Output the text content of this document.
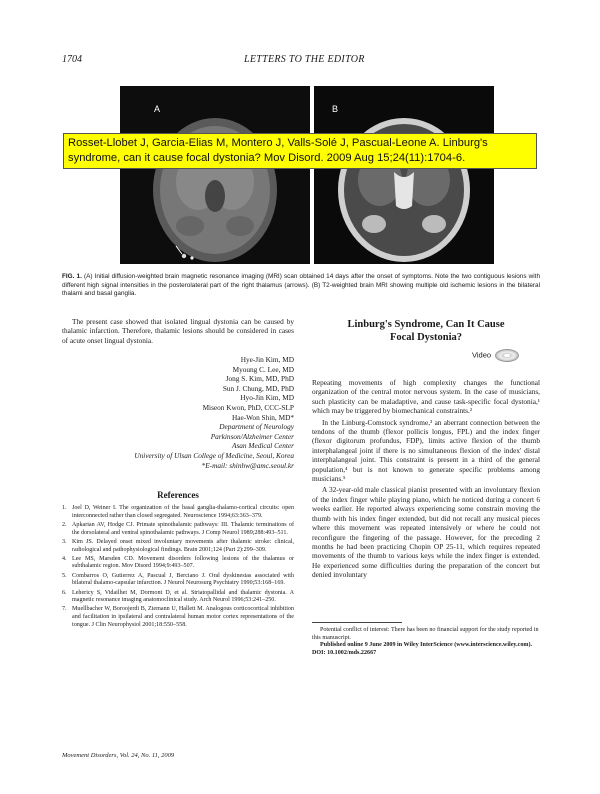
1704	LETTERS TO THE EDITOR
A	B
Rosset-Llobet J, Garcia-Elias M, Montero J, Valls-Solé J, Pascual-Leone A. Linburg's syndrome, can it cause focal dystonia? Mov Disord. 2009 Aug 15;24(11):1704-6.
FIG. 1. (A) Initial diffusion-weighted brain magnetic resonance imaging (MRI) scan obtained 14 days after the onset of symptoms. Note the two contiguous lesions with different high signal intensities in the posterolateral part of the right thalamus (arrows). (B) T2-weighted brain MRI showing multiple old ischemic lesions in the bilateral thalami and basal ganglia.

The present case showed that isolated lingual dystonia can be caused by thalamic infarction. Therefore, thalamic lesions should be considered in cases of acute onset lingual dystonia.

Hye-Jin Kim, MD
Myoung C. Lee, MD
Jong S. Kim, MD, PhD
Sun J. Chung, MD, PhD
Hyo-Jin Kim, MD
Miseon Kwon, PhD, CCC-SLP
Hae-Won Shin, MD*
Department of Neurology
Parkinson/Alzheimer Center
Asan Medical Center
University of Ulsan College of Medicine, Seoul, Korea
*E-mail: shinhw@amc.seoul.kr
References
1. Joel D, Weiner I. The organization of the basal ganglia-thalamo-cortical circuits: open interconnected rather than closed segregated. Neuroscience 1994;63:363–379.
2. Apkarian AV, Hodge CJ. Primate spinothalamic pathways: III. Thalamic terminations of the dorsolateral and ventral spinothalamic pathways. J Comp Neurol 1989;288:493–511.
3. Kim JS. Delayed onset mixed involuntary movements after thalamic stroke: clinical, radiological and pathophysiological findings. Brain 2001;124 (Part 2):299–309.
4. Lee MS, Marsden CD. Movement disorders following lesions of the thalamus or subthalamic region. Mov Disord 1994;9:493–507.
5. Combarros O, Gutierrez A, Pascual J, Berciano J. Oral dyskinesias associated with bilateral thalamo-capsular infarction. J Neurol Neurosurg Psychiatry 1990;53:168–169.
6. Lehericy S, Vidailhet M, Dormont D, et al. Striatopallidal and thalamic dystonia. A magnetic resonance imaging anatomoclinical study. Arch Neurol 1996;53:241–250.
7. Muellbacher W, Boroojerdi B, Ziemann U, Hallett M. Analogous corticocortical inhibition and facilitation in ipsilateral and contralateral human motor cortex representations of the tongue. J Clin Neurophysiol 2001;18:550–558.
Linburg's Syndrome, Can It Cause
Focal Dystonia?
Video

Repeating movements of high complexity changes the functional organization of the central motor nervous system. In the case of musicians, such plasticity can be maladaptive, and cause task-specific focal dystonia,¹ which may be triggered by biomechanical constraints.²

In the Linburg-Comstock syndrome,³ an aberrant connection between the tendons of the thumb (flexor pollicis longus, FPL) and the index finger (flexor digitorum profundus, FDP), limits active flexion of the thumb interphalangeal joint if there is no simultaneous flexion of the index' distal interphalangeal joint. This constraint is present in a third of the general population,⁴ but is not known to generate specific problems among musicians.⁵

A 32-year-old male classical pianist presented with an involuntary flexion of the index finger while playing piano, which he noticed during a concert 6 weeks earlier. He reported always experiencing some constrain moving the thumb with his index finger extended, but did not recall any musical pieces where this movement was repeated intensively or where he could not reconfigure the fingering of the passage. However, for the preceding 2 months he had been practicing Chopin OP 25-11, which requires repeated movements of the thumb to various keys while the index finger is extended. He experienced some difficulties during the preparation of the concert but denied involuntary

Potential conflict of interest: There has been no financial support for the study reported in this manuscript.
Published online 9 June 2009 in Wiley InterScience (www.interscience.wiley.com). DOI: 10.1002/mds.22667
Movement Disorders, Vol. 24, No. 11, 2009
